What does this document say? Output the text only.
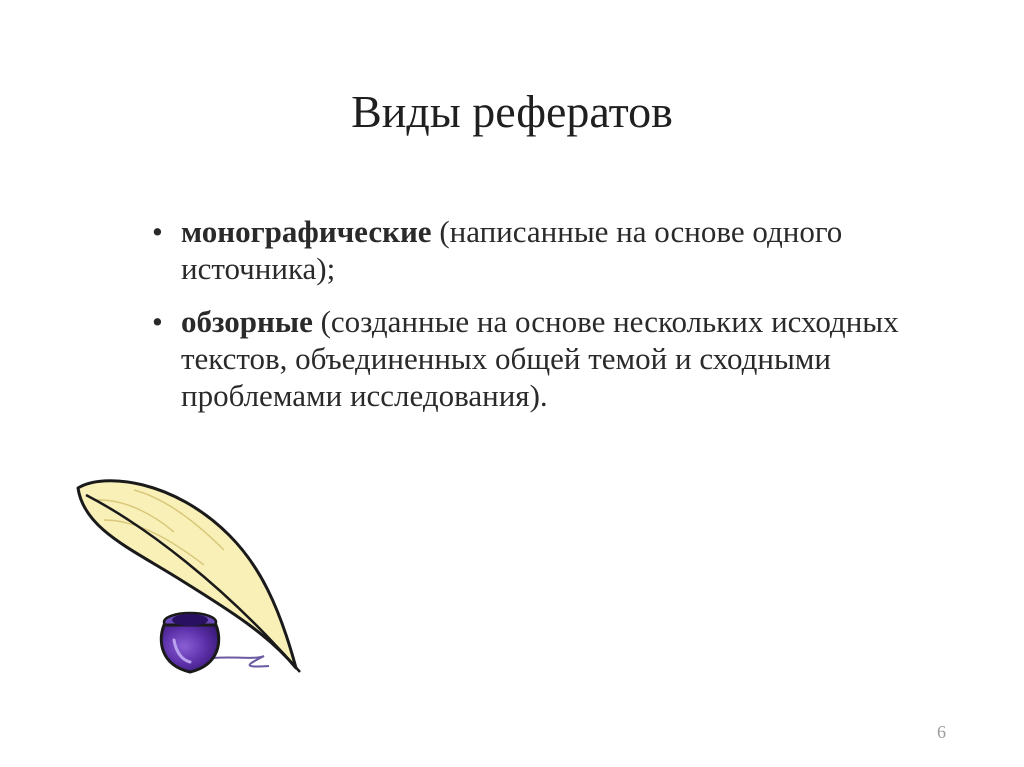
Виды рефератов
• монографические (написанные на основе одного источника);
• обзорные (созданные на основе нескольких исходных текстов, объединенных общей темой и сходными проблемами исследования).
6
